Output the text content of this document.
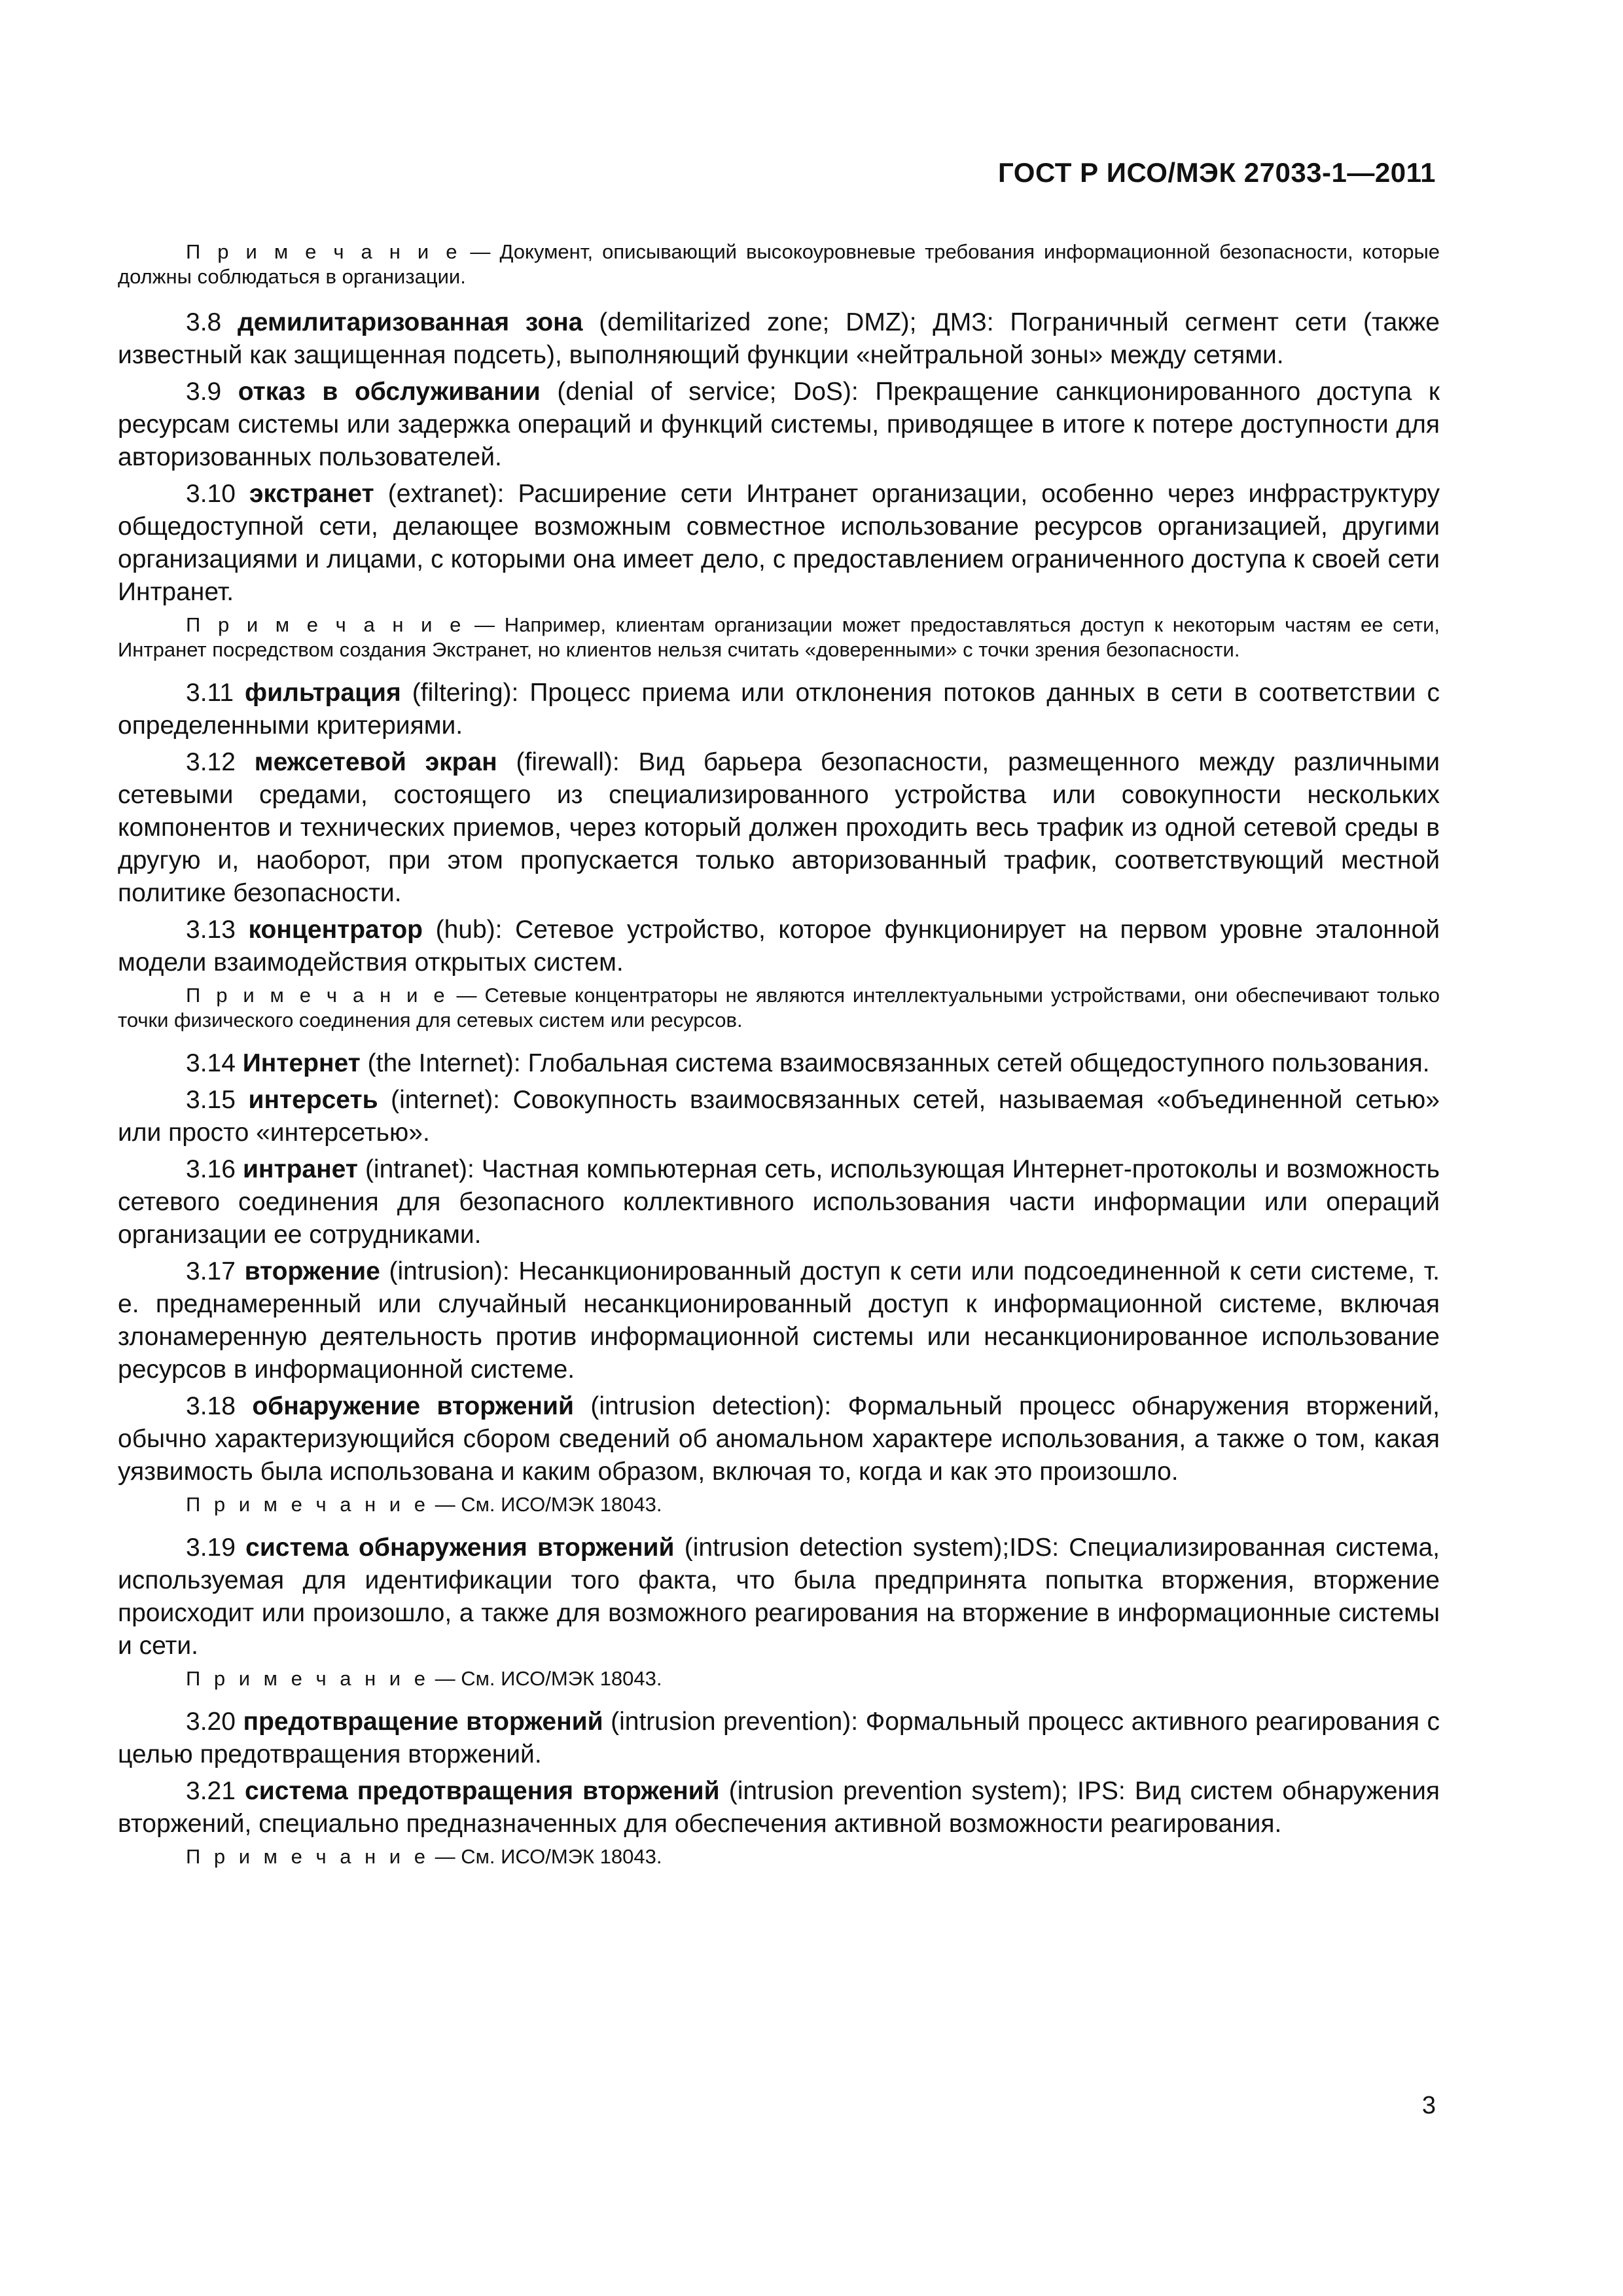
ГОСТ Р ИСО/МЭК 27033-1—2011
П р и м е ч а н и е — Документ, описывающий высокоуровневые требования информационной безопасности, которые должны соблюдаться в организации.
3.8 демилитаризованная зона (demilitarized zone; DMZ); ДМЗ: Пограничный сегмент сети (также известный как защищенная подсеть), выполняющий функции «нейтральной зоны» между сетями.
3.9 отказ в обслуживании (denial of service; DoS): Прекращение санкционированного доступа к ресурсам системы или задержка операций и функций системы, приводящее в итоге к потере доступности для авторизованных пользователей.
3.10 экстранет (extranet): Расширение сети Интранет организации, особенно через инфраструктуру общедоступной сети, делающее возможным совместное использование ресурсов организацией, другими организациями и лицами, с которыми она имеет дело, с предоставлением ограниченного доступа к своей сети Интранет.
П р и м е ч а н и е — Например, клиентам организации может предоставляться доступ к некоторым частям ее сети, Интранет посредством создания Экстранет, но клиентов нельзя считать «доверенными» с точки зрения безопасности.
3.11 фильтрация (filtering): Процесс приема или отклонения потоков данных в сети в соответствии с определенными критериями.
3.12 межсетевой экран (firewall): Вид барьера безопасности, размещенного между различными сетевыми средами, состоящего из специализированного устройства или совокупности нескольких компонентов и технических приемов, через который должен проходить весь трафик из одной сетевой среды в другую и, наоборот, при этом пропускается только авторизованный трафик, соответствующий местной политике безопасности.
3.13 концентратор (hub): Сетевое устройство, которое функционирует на первом уровне эталонной модели взаимодействия открытых систем.
П р и м е ч а н и е — Сетевые концентраторы не являются интеллектуальными устройствами, они обеспечивают только точки физического соединения для сетевых систем или ресурсов.
3.14 Интернет (the Internet): Глобальная система взаимосвязанных сетей общедоступного пользования.
3.15 интерсеть (internet): Совокупность взаимосвязанных сетей, называемая «объединенной сетью» или просто «интерсетью».
3.16 интранет (intranet): Частная компьютерная сеть, использующая Интернет-протоколы и возможность сетевого соединения для безопасного коллективного использования части информации или операций организации ее сотрудниками.
3.17 вторжение (intrusion): Несанкционированный доступ к сети или подсоединенной к сети системе, т. е. преднамеренный или случайный несанкционированный доступ к информационной системе, включая злонамеренную деятельность против информационной системы или несанкционированное использование ресурсов в информационной системе.
3.18 обнаружение вторжений (intrusion detection): Формальный процесс обнаружения вторжений, обычно характеризующийся сбором сведений об аномальном характере использования, а также о том, какая уязвимость была использована и каким образом, включая то, когда и как это произошло.
П р и м е ч а н и е — См. ИСО/МЭК 18043.
3.19 система обнаружения вторжений (intrusion detection system);IDS: Специализированная система, используемая для идентификации того факта, что была предпринята попытка вторжения, вторжение происходит или произошло, а также для возможного реагирования на вторжение в информационные системы и сети.
П р и м е ч а н и е — См. ИСО/МЭК 18043.
3.20 предотвращение вторжений (intrusion prevention): Формальный процесс активного реагирования с целью предотвращения вторжений.
3.21 система предотвращения вторжений (intrusion prevention system); IPS: Вид систем обнаружения вторжений, специально предназначенных для обеспечения активной возможности реагирования.
П р и м е ч а н и е — См. ИСО/МЭК 18043.
3
